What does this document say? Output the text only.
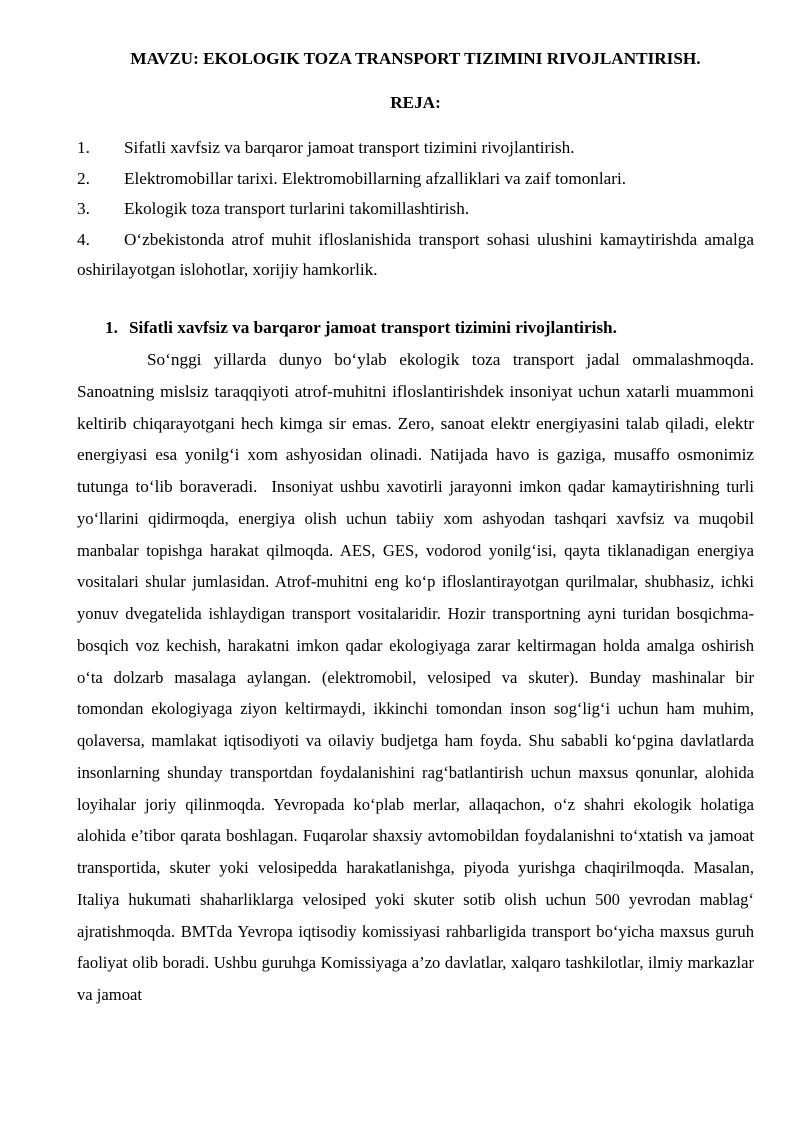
MAVZU: EKOLOGIK TOZA TRANSPORT TIZIMINI RIVOJLANTIRISH.
REJA:
1. Sifatli xavfsiz va barqaror jamoat transport tizimini rivojlantirish.
2. Elektromobillar tarixi. Elektromobillarning afzalliklari va zaif tomonlari.
3. Ekologik toza transport turlarini takomillashtirish.
4. O‘zbekistonda atrof muhit ifloslanishida transport sohasi ulushini kamaytirishda amalga oshirilayotgan islohotlar, xorijiy hamkorlik.
1. Sifatli xavfsiz va barqaror jamoat transport tizimini rivojlantirish.

So‘nggi yillarda dunyo bo‘ylab ekologik toza transport jadal ommalashmoqda. Sanoatning mislsiz taraqqiyoti atrof-muhitni ifloslantirishdek insoniyat uchun xatarli muammoni keltirib chiqarayotgani hech kimga sir emas. Zero, sanoat elektr energiyasini talab qiladi, elektr energiyasi esa yonilg‘i xom ashyosidan olinadi. Natijada havo is gaziga, musaffo osmonimiz tutunga to‘lib boraveradi. Insoniyat ushbu xavotirli jarayonni imkon qadar kamaytirishning turli yo‘llarini qidirmoqda, energiya olish uchun tabiiy xom ashyodan tashqari xavfsiz va muqobil manbalar topishga harakat qilmoqda. AES, GES, vodorod yonilg‘isi, qayta tiklanadigan energiya vositalari shular jumlasidan. Atrof-muhitni eng ko‘p ifloslantirayotgan qurilmalar, shubhasiz, ichki yonuv dvegatelida ishlaydigan transport vositalaridir. Hozir transportning ayni turidan bosqichma-bosqich voz kechish, harakatni imkon qadar ekologiyaga zarar keltirmagan holda amalga oshirish o‘ta dolzarb masalaga aylangan. (elektromobil, velosiped va skuter). Bunday mashinalar bir tomondan ekologiyaga ziyon keltirmaydi, ikkinchi tomondan inson sog‘lig‘i uchun ham muhim, qolaversa, mamlakat iqtisodiyoti va oilaviy budjetga ham foyda. Shu sababli ko‘pgina davlatlarda insonlarning shunday transportdan foydalanishini rag‘batlantirish uchun maxsus qonunlar, alohida loyihalar joriy qilinmoqda. Yevropada ko‘plab merlar, allaqachon, o‘z shahri ekologik holatiga alohida e’tibor qarata boshlagan. Fuqarolar shaxsiy avtomobildan foydalanishni to‘xtatish va jamoat transportida, skuter yoki velosipedda harakatlanishga, piyoda yurishga chaqirilmoqda. Masalan, Italiya hukumati shaharliklarga velosiped yoki skuter sotib olish uchun 500 yevrodan mablag‘ ajratishmoqda. BMTda Yevropa iqtisodiy komissiyasi rahbarligida transport bo‘yicha maxsus guruh faoliyat olib boradi. Ushbu guruhga Komissiyaga a’zo davlatlar, xalqaro tashkilotlar, ilmiy markazlar va jamoat
